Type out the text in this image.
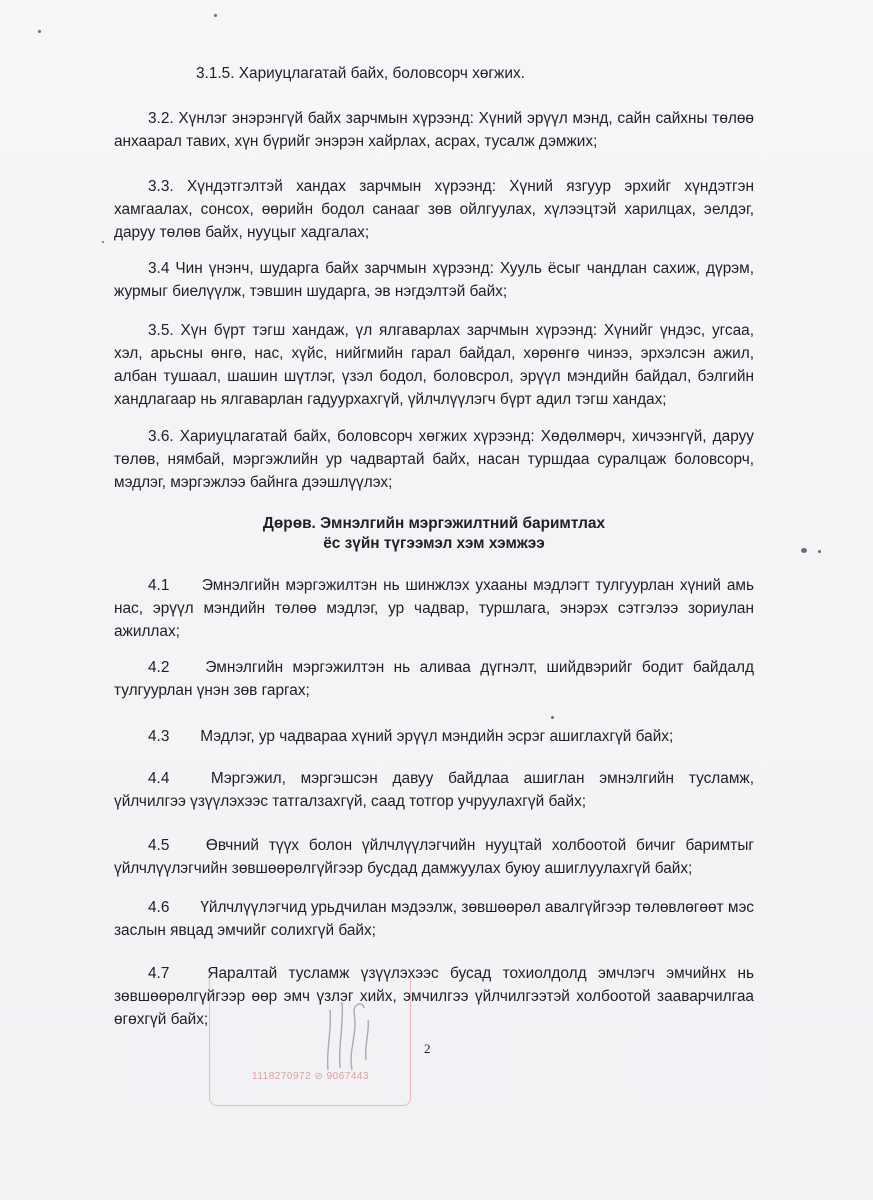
3.1.5. Хариуцлагатай байх, боловсорч хөгжих.

3.2. Хүнлэг энэрэнгүй байх зарчмын хүрээнд: Хүний эрүүл мэнд, сайн сайхны төлөө анхаарал тавих, хүн бүрийг энэрэн хайрлах, асрах, тусалж дэмжих;

3.3. Хүндэтгэлтэй хандах зарчмын хүрээнд: Хүний язгуур эрхийг хүндэтгэн хамгаалах, сонсох, өөрийн бодол санааг зөв ойлгуулах, хүлээцтэй харилцах, эелдэг, даруу төлөв байх, нууцыг хадгалах;

3.4 Чин үнэнч, шударга байх зарчмын хүрээнд: Хууль ёсыг чандлан сахиж, дүрэм, журмыг биелүүлж, тэвшин шударга, эв нэгдэлтэй байх;

3.5. Хүн бүрт тэгш хандаж, үл ялгаварлах зарчмын хүрээнд: Хүнийг үндэс, угсаа, хэл, арьсны өнгө, нас, хүйс, нийгмийн гарал байдал, хөрөнгө чинээ, эрхэлсэн ажил, албан тушаал, шашин шүтлэг, үзэл бодол, боловсрол, эрүүл мэндийн байдал, бэлгийн хандлагаар нь ялгаварлан гадуурхахгүй, үйлчлүүлэгч бүрт адил тэгш хандах;

3.6. Хариуцлагатай байх, боловсорч хөгжих хүрээнд: Хөдөлмөрч, хичээнгүй, даруу төлөв, нямбай, мэргэжлийн ур чадвартай байх, насан туршдаа суралцаж боловсорч, мэдлэг, мэргэжлээ байнга дээшлүүлэх;

Дөрөв. Эмнэлгийн мэргэжилтний баримтлах
ёс зүйн түгээмэл хэм хэмжээ

4.1 Эмнэлгийн мэргэжилтэн нь шинжлэх ухааны мэдлэгт тулгуурлан хүний амь нас, эрүүл мэндийн төлөө мэдлэг, ур чадвар, туршлага, энэрэх сэтгэлээ зориулан ажиллах;

4.2 Эмнэлгийн мэргэжилтэн нь аливаа дүгнэлт, шийдвэрийг бодит байдалд тулгуурлан үнэн зөв гаргах;

4.3 Мэдлэг, ур чадвараа хүний эрүүл мэндийн эсрэг ашиглахгүй байх;

4.4	Мэргэжил, мэргэшсэн давуу байдлаа ашиглан эмнэлгийн тусламж, үйлчилгээ үзүүлэхээс татгалзахгүй, саад тотгор учруулахгүй байх;

4.5 Өвчний түүх болон үйлчлүүлэгчийн нууцтай холбоотой бичиг баримтыг үйлчлүүлэгчийн зөвшөөрөлгүйгээр бусдад дамжуулах буюу ашиглуулахгүй байх;

4.6 Үйлчлүүлэгчид урьдчилан мэдээлж, зөвшөөрөл авалгүйгээр төлөвлөгөөт мэс заслын явцад эмчийг солихгүй байх;

4.7 Яаралтай тусламж үзүүлэхээс бусад тохиолдолд эмчлэгч эмчийнх нь зөвшөөрөлгүйгээр өөр эмч үзлэг хийх, эмчилгээ үйлчилгээтэй холбоотой зааварчилгаа өгөхгүй байх;

1118270972 ⊘ 9067443
2
